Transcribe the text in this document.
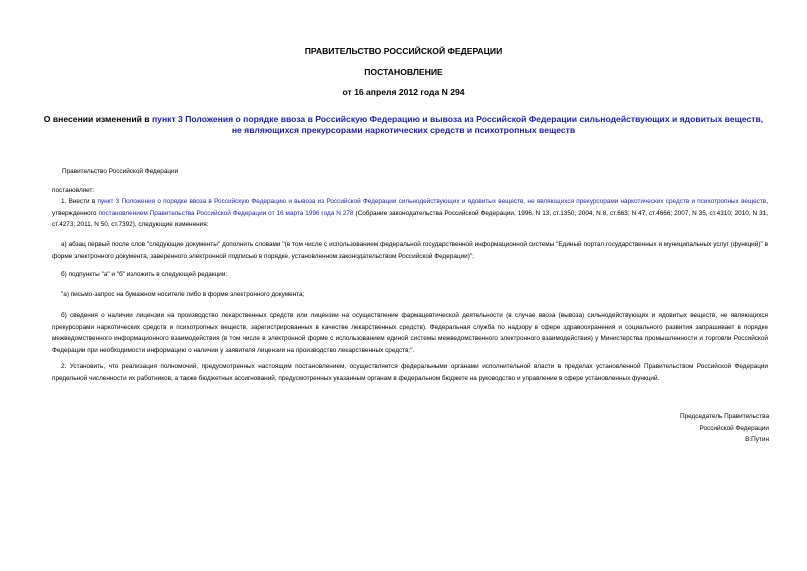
ПРАВИТЕЛЬСТВО РОССИЙСКОЙ ФЕДЕРАЦИИ
ПОСТАНОВЛЕНИЕ
от 16 апреля 2012 года N 294
О внесении изменений в пункт 3 Положения о порядке ввоза в Российскую Федерацию и вывоза из Российской Федерации сильнодействующих и ядовитых веществ, не являющихся прекурсорами наркотических средств и психотропных веществ

Правительство Российской Федерации

постановляет:

1. Внести в пункт 3 Положения о порядке ввоза в Российскую Федерацию и вывоза из Российской Федерации сильнодействующих и ядовитых веществ, не являющихся прекурсорами наркотических средств и психотропных веществ, утвержденного постановлением Правительства Российской Федерации от 16 марта 1996 года N 278 (Собрание законодательства Российской Федерации, 1996, N 13, ст.1350; 2004, N 8, ст.663; N 47, ст.4666; 2007, N 35, ст.4310; 2010, N 31, ст.4273; 2011, N 50, ст.7392), следующие изменения:

а) абзац первый после слов "следующие документы" дополнить словами "(в том числе с использованием федеральной государственной информационной системы "Единый портал государственных и муниципальных услуг (функций)" в форме электронного документа, заверенного электронной подписью в порядке, установленном законодательством Российской Федерации)";

б) подпункты "а" и "б" изложить в следующей редакции:

"а) письмо-запрос на бумажном носителе либо в форме электронного документа;

б) сведения о наличии лицензии на производство лекарственных средств или лицензии на осуществление фармацевтической деятельности (в случае ввоза (вывоза) сильнодействующих и ядовитых веществ, не являющихся прекурсорами наркотических средств и психотропных веществ, зарегистрированных в качестве лекарственных средств). Федеральная служба по надзору в сфере здравоохранения и социального развития запрашивает в порядке межведомственного информационного взаимодействия (в том числе в электронной форме с использованием единой системы межведомственного электронного взаимодействия) у Министерства промышленности и торговли Российской Федерации при необходимости информацию о наличии у заявителя лицензии на производство лекарственных средств;".

2. Установить, что реализация полномочий, предусмотренных настоящим постановлением, осуществляется федеральными органами исполнительной власти в пределах установленной Правительством Российской Федерации предельной численности их работников, а также бюджетных ассигнований, предусмотренных указанным органам в федеральном бюджете на руководство и управление в сфере установленных функций.

Председатель Правительства
Российской Федерации
В.Путин
